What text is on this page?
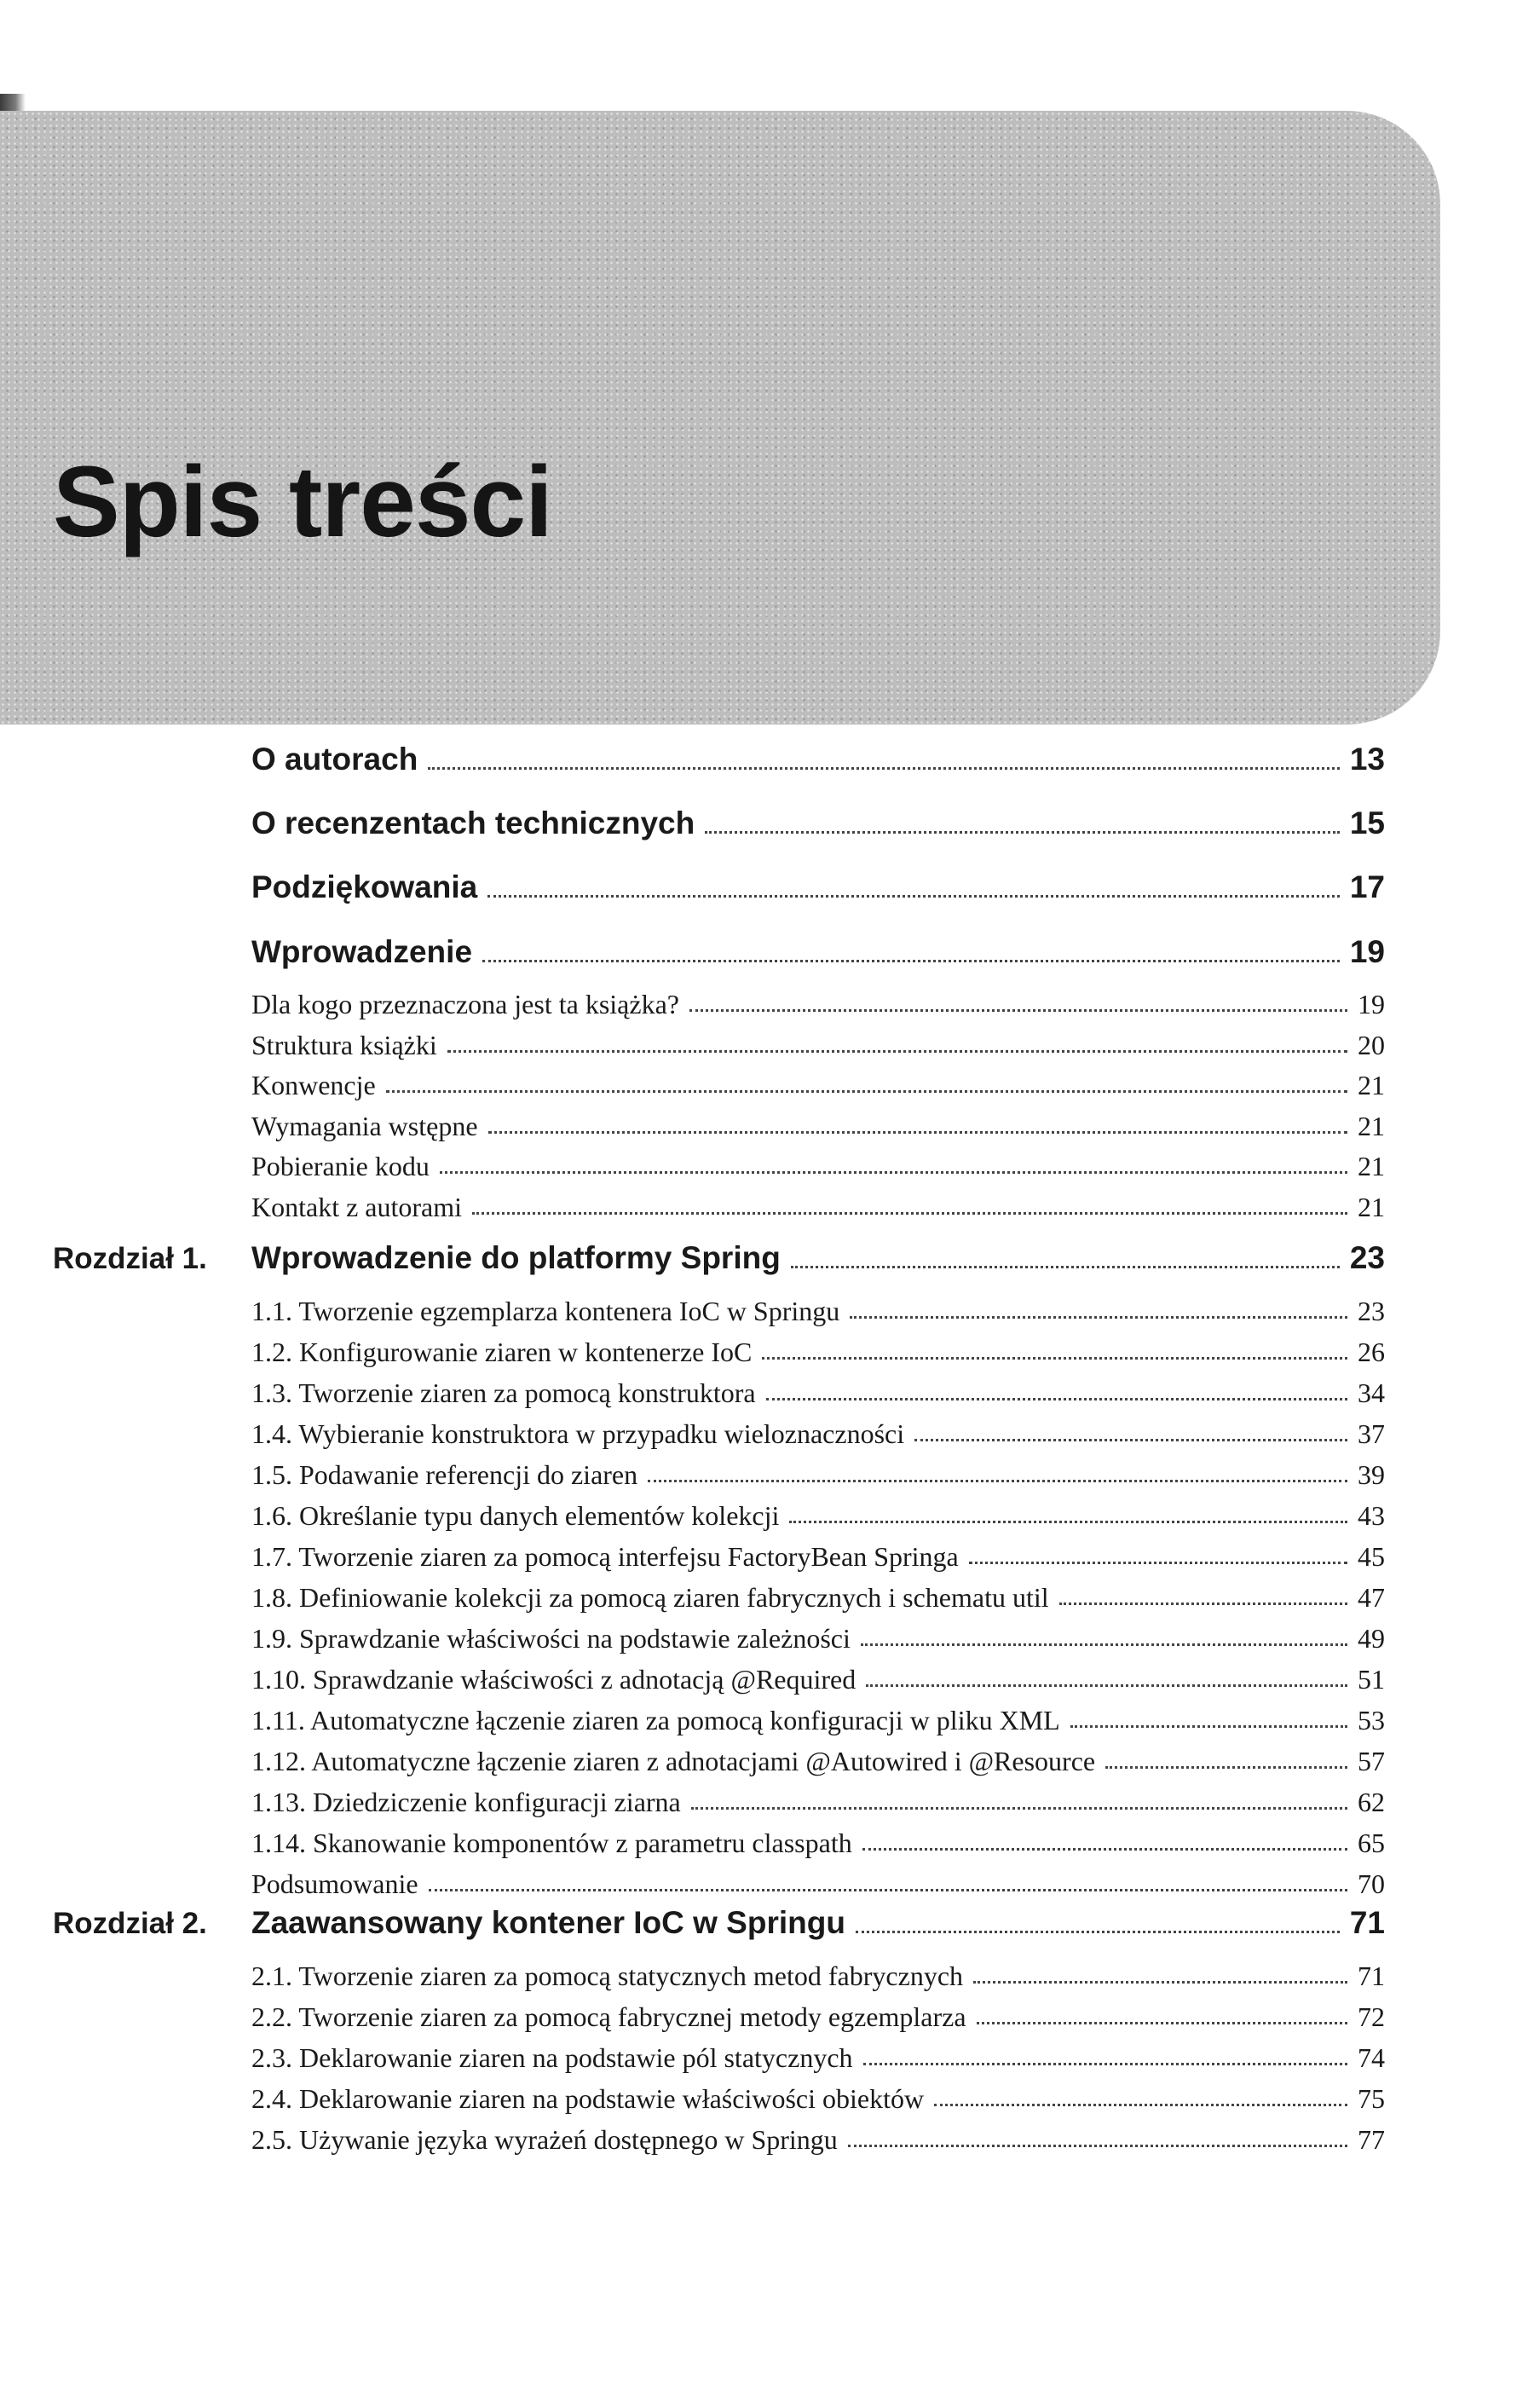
Spis treści
O autorach	13
O recenzentach technicznych	15
Podziękowania	17
Wprowadzenie	19
Dla kogo przeznaczona jest ta książka?	19
Struktura książki	20
Konwencje	21
Wymagania wstępne	21
Pobieranie kodu	21
Kontakt z autorami	21
Rozdział 1. Wprowadzenie do platformy Spring	23
1.1. Tworzenie egzemplarza kontenera IoC w Springu	23
1.2. Konfigurowanie ziaren w kontenerze IoC	26
1.3. Tworzenie ziaren za pomocą konstruktora	34
1.4. Wybieranie konstruktora w przypadku wieloznaczności	37
1.5. Podawanie referencji do ziaren	39
1.6. Określanie typu danych elementów kolekcji	43
1.7. Tworzenie ziaren za pomocą interfejsu FactoryBean Springa	45
1.8. Definiowanie kolekcji za pomocą ziaren fabrycznych i schematu util	47
1.9. Sprawdzanie właściwości na podstawie zależności	49
1.10. Sprawdzanie właściwości z adnotacją @Required	51
1.11. Automatyczne łączenie ziaren za pomocą konfiguracji w pliku XML	53
1.12. Automatyczne łączenie ziaren z adnotacjami @Autowired i @Resource	57
1.13. Dziedziczenie konfiguracji ziarna	62
1.14. Skanowanie komponentów z parametru classpath	65
Podsumowanie	70
Rozdział 2. Zaawansowany kontener IoC w Springu	71
2.1. Tworzenie ziaren za pomocą statycznych metod fabrycznych	71
2.2. Tworzenie ziaren za pomocą fabrycznej metody egzemplarza	72
2.3. Deklarowanie ziaren na podstawie pól statycznych	74
2.4. Deklarowanie ziaren na podstawie właściwości obiektów	75
2.5. Używanie języka wyrażeń dostępnego w Springu	77
